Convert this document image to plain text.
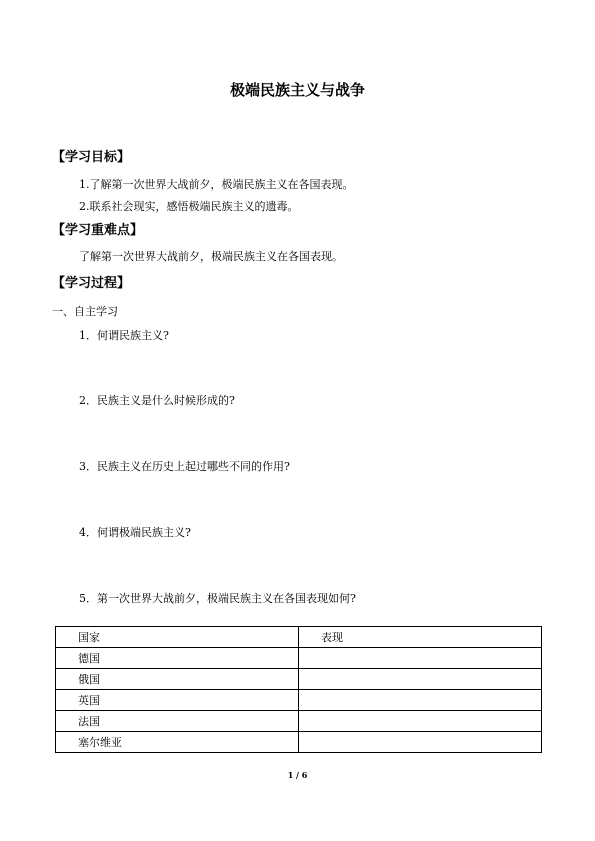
极端民族主义与战争
【学习目标】
1.了解第一次世界大战前夕，极端民族主义在各国表现。
2.联系社会现实，感悟极端民族主义的遗毒。
【学习重难点】
了解第一次世界大战前夕，极端民族主义在各国表现。
【学习过程】
一、自主学习
1．何谓民族主义?
2．民族主义是什么时候形成的?
3．民族主义在历史上起过哪些不同的作用?
4．何谓极端民族主义?
5．第一次世界大战前夕，极端民族主义在各国表现如何?
国家	表现
德国	
俄国	
英国	
法国	
塞尔维亚	
1 / 6
